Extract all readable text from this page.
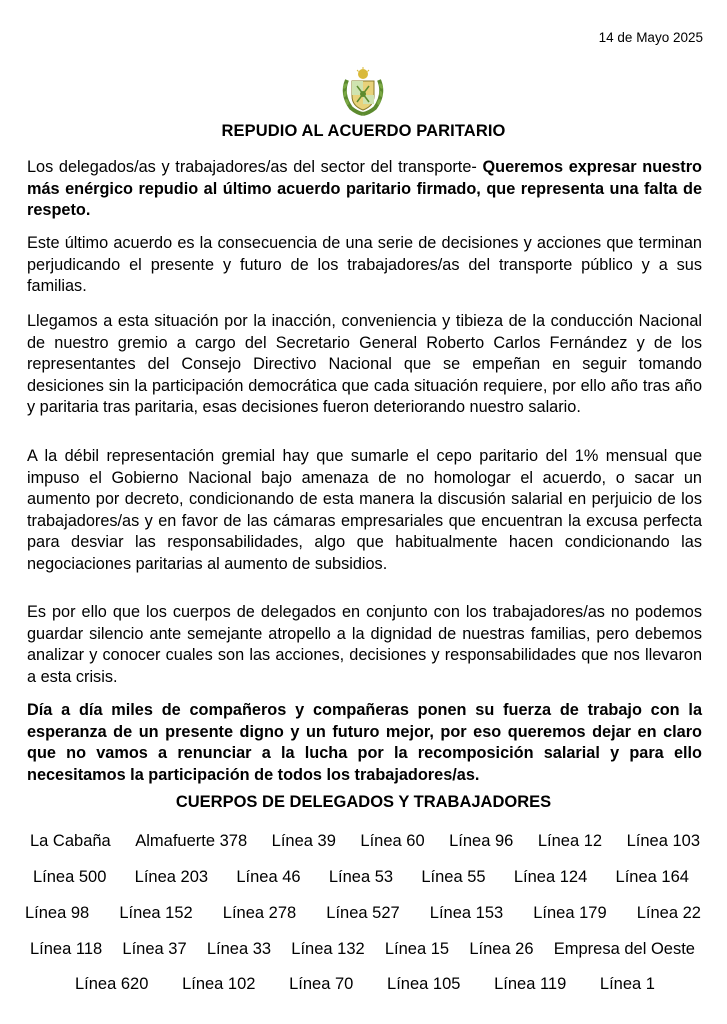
14 de Mayo 2025
REPUDIO AL ACUERDO PARITARIO

Los delegados/as y trabajadores/as del sector del transporte- Queremos expresar nuestro más enérgico repudio al último acuerdo paritario firmado, que representa una falta de respeto.

Este último acuerdo es la consecuencia de una serie de decisiones y acciones que terminan perjudicando el presente y futuro de los trabajadores/as del transporte público y a sus familias.

Llegamos a esta situación por la inacción, conveniencia y tibieza de la conducción Nacional de nuestro gremio a cargo del Secretario General Roberto Carlos Fernández y de los representantes del Consejo Directivo Nacional que se empeñan en seguir tomando desiciones sin la participación democrática que cada situación requiere, por ello año tras año y paritaria tras paritaria, esas decisiones fueron deteriorando nuestro salario.

A la débil representación gremial hay que sumarle el cepo paritario del 1% mensual que impuso el Gobierno Nacional bajo amenaza de no homologar el acuerdo, o sacar un aumento por decreto, condicionando de esta manera la discusión salarial en perjuicio de los trabajadores/as y en favor de las cámaras empresariales que encuentran la excusa perfecta para desviar las responsabilidades, algo que habitualmente hacen condicionando las negociaciones paritarias al aumento de subsidios.

Es por ello que los cuerpos de delegados en conjunto con los trabajadores/as no podemos guardar silencio ante semejante atropello a la dignidad de nuestras familias, pero debemos analizar y conocer cuales son las acciones, decisiones y responsabilidades que nos llevaron a esta crisis.

Día a día miles de compañeros y compañeras ponen su fuerza de trabajo con la esperanza de un presente digno y un futuro mejor, por eso queremos dejar en claro que no vamos a renunciar a la lucha por la recomposición salarial y para ello necesitamos la participación de todos los trabajadores/as.

CUERPOS DE DELEGADOS Y TRABAJADORES
La Cabaña Almafuerte 378 Línea 39 Línea 60 Línea 96 Línea 12 Línea 103
Línea 500 Línea 203 Línea 46 Línea 53 Línea 55 Línea 124 Línea 164
Línea 98 Línea 152 Línea 278 Línea 527 Línea 153 Línea 179 Línea 22
Línea 118 Línea 37 Línea 33 Línea 132 Línea 15 Línea 26 Empresa del Oeste
Línea 620 Línea 102 Línea 70 Línea 105 Línea 119 Línea 1
